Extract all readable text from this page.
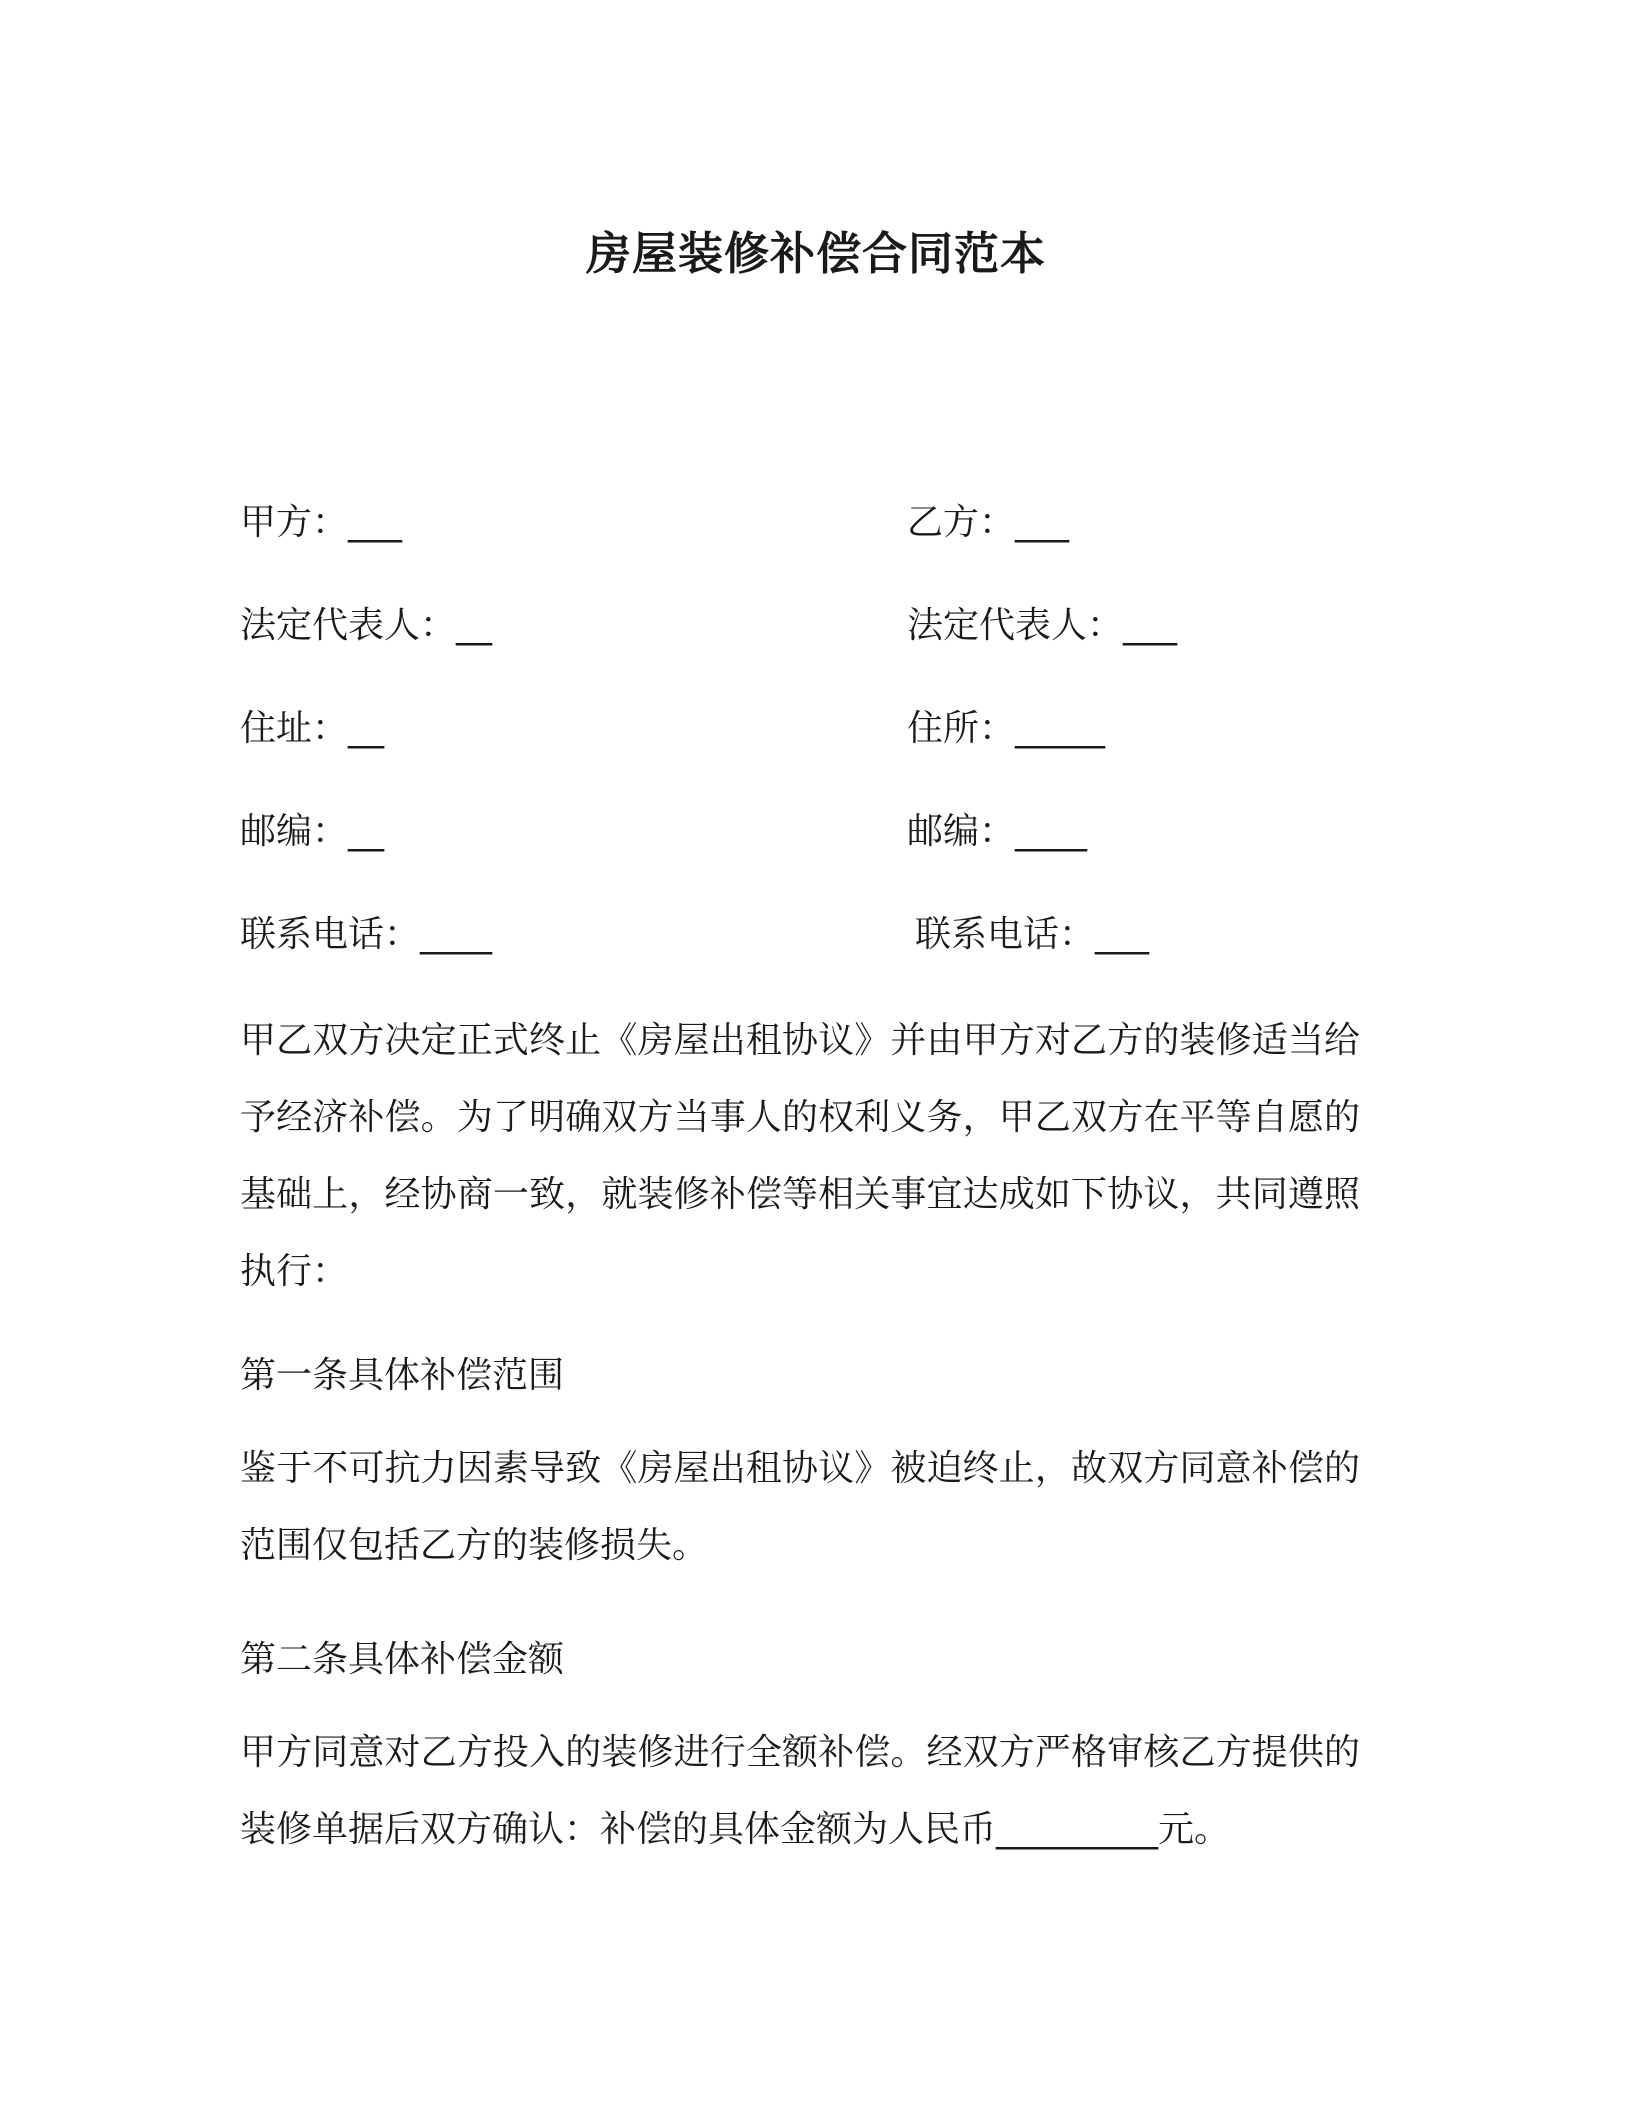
房屋装修补偿合同范本
甲方：___
法定代表人：__
住址：__
邮编：__
联系电话：____
乙方：___
法定代表人：___
住所：_____
邮编：____
联系电话：___
甲乙双方决定正式终止《房屋出租协议》并由甲方对乙方的装修适当给予经济补偿。为了明确双方当事人的权利义务，甲乙双方在平等自愿的基础上，经协商一致，就装修补偿等相关事宜达成如下协议，共同遵照执行：
第一条具体补偿范围
鉴于不可抗力因素导致《房屋出租协议》被迫终止，故双方同意补偿的范围仅包括乙方的装修损失。
第二条具体补偿金额
甲方同意对乙方投入的装修进行全额补偿。经双方严格审核乙方提供的装修单据后双方确认：补偿的具体金额为人民币_________元。
